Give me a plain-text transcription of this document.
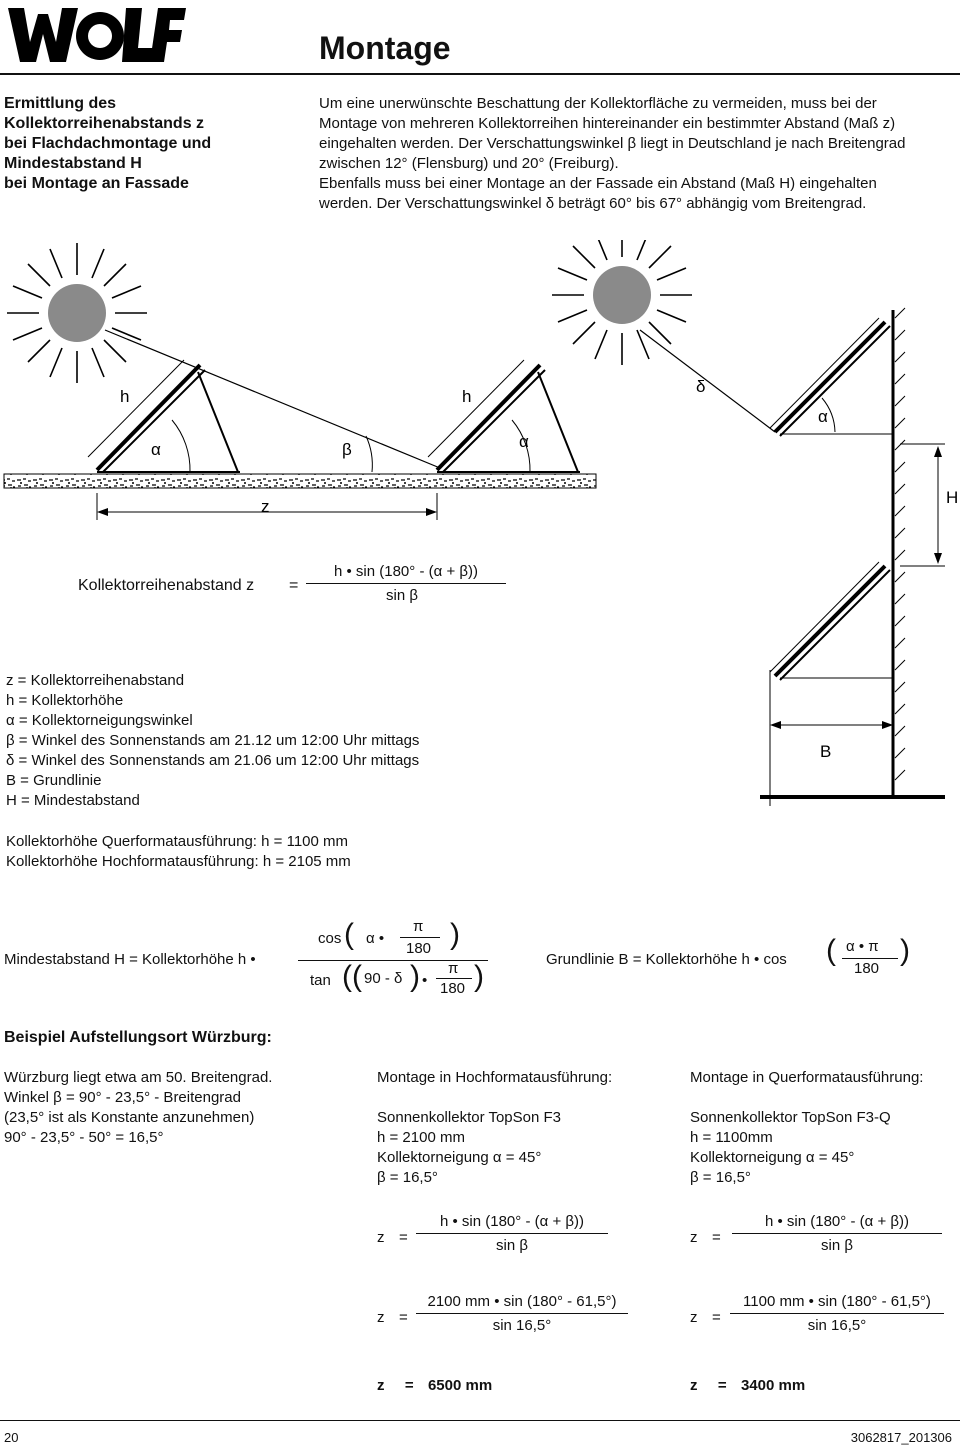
Montage
Ermittlung des
Kollektorreihenabstands z
bei Flachdachmontage und
Mindestabstand H
bei Montage an Fassade
Um eine unerwünschte Beschattung der Kollektorfläche zu vermeiden, muss bei der
Montage von mehreren Kollektorreihen hintereinander ein bestimmter Abstand (Maß z)
eingehalten werden. Der Verschattungswinkel β liegt in Deutschland je nach Breitengrad
zwischen 12° (Flensburg) und 20° (Freiburg).
Ebenfalls muss bei einer Montage an der Fassade ein Abstand (Maß H) eingehalten
werden. Der Verschattungswinkel δ beträgt 60° bis 67° abhängig vom Breitengrad.
h	h
α	α
α
β
δ
z	H
B
Kollektorreihenabstand z =
h • sin (180° - (α + β))
sin β
z = Kollektorreihenabstand
h = Kollektorhöhe
α = Kollektorneigungswinkel
β = Winkel des Sonnenstands am 21.12 um 12:00 Uhr mittags
δ = Winkel des Sonnenstands am 21.06 um 12:00 Uhr mittags
B = Grundlinie
H = Mindestabstand
Kollektorhöhe Querformatausführung: h = 1100 mm
Kollektorhöhe Hochformatausführung: h = 2105 mm
Mindestabstand H = Kollektorhöhe h •
cos ( α •
π
180 )
tan (( 90 - δ ) •
π
180 )
Grundlinie B = Kollektorhöhe h • cos ( α • π
180
)
Beispiel Aufstellungsort Würzburg:
Würzburg liegt etwa am 50. Breitengrad.
Winkel β = 90° - 23,5° - Breitengrad
(23,5° ist als Konstante anzunehmen)
90° - 23,5° - 50° = 16,5°
Montage in Hochformatausführung:
Sonnenkollektor TopSon F3
h = 2100 mm
Kollektorneigung α = 45°
β = 16,5°
Montage in Querformatausführung:
Sonnenkollektor TopSon F3-Q
h = 1100mm
Kollektorneigung α = 45°
β = 16,5°
z =
h • sin (180° - (α + β))
sin β
z =
2100 mm • sin (180° - 61,5°)
sin 16,5°
z = 6500 mm
z =
h • sin (180° - (α + β))
sin β
z =
1100 mm • sin (180° - 61,5°)
sin 16,5°
z = 3400 mm
20	3062817_201306
